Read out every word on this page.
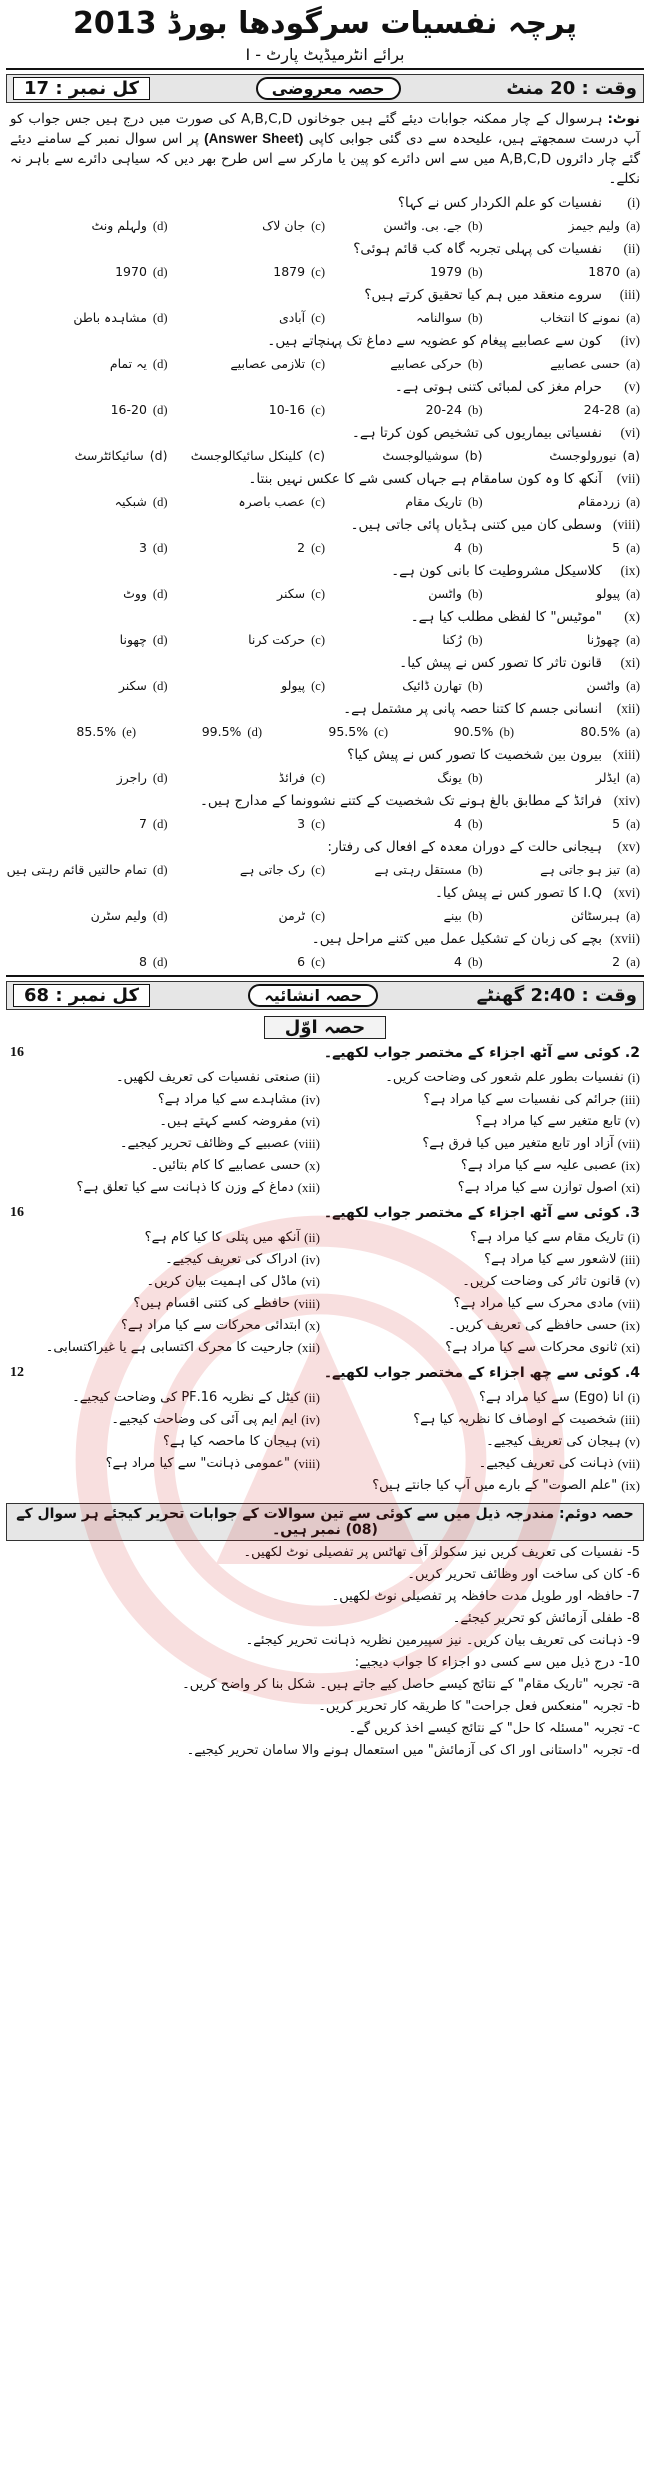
پرچہ نفسیات سرگودھا بورڈ 2013
برائے انٹرمیڈیٹ پارٹ - I
وقت : 20 منٹ
حصہ معروضی
کل نمبر : 17
نوٹ: ہرسوال کے چار ممکنہ جوابات دیئے گئے ہیں جوخانوں A,B,C,D کی صورت میں درج ہیں جس جواب کو آپ درست سمجھتے ہیں، علیحدہ سے دی گئی جوابی کاپی (Answer Sheet) پر اس سوال نمبر کے سامنے دیئے گئے چار دائروں A,B,C,D میں سے اس دائرے کو پین یا مارکر سے اس طرح بھر دیں کہ سیاہی دائرے سے باہر نہ نکلے۔
(i)نفسیات کو علم الکردار کس نے کہا؟
(a)
ولیم جیمز
(b)
جے. بی. واٹسن
(c)
جان لاک
(d)
ولہلم ونٹ
(ii)نفسیات کی پہلی تجربہ گاہ کب قائم ہوئی؟
(a)
1870
(b)
1979
(c)
1879
(d)
1970
(iii)سروے منعقد میں ہم کیا تحقیق کرتے ہیں؟
(a)
نمونے کا انتخاب
(b)
سوالنامہ
(c)
آبادی
(d)
مشاہدہ باطن
(iv)کون سے عصابیے پیغام کو عضویہ سے دماغ تک پہنچاتے ہیں۔
(a)
حسی عصابیے
(b)
حرکی عصابیے
(c)
تلازمی عصابیے
(d)
یہ تمام
(v)حرام مغز کی لمبائی کتنی ہوتی ہے۔
(a)
24-28
(b)
20-24
(c)
10-16
(d)
16-20
(vi)نفسیاتی بیماریوں کی تشخیص کون کرتا ہے۔
(a)
نیورولوجسٹ
(b)
سوشیالوجسٹ
(c)
کلینکل سائیکالوجسٹ
(d)
سائیکائٹرسٹ
(vii)آنکھ کا وہ کون سامقام ہے جہاں کسی شے کا عکس نہیں بنتا۔
(a)
زردمقام
(b)
تاریک مقام
(c)
عصب باصرہ
(d)
شبکیہ
(viii)وسطی کان میں کتنی ہڈیاں پائی جاتی ہیں۔
(a)
5
(b)
4
(c)
2
(d)
3
(ix)کلاسیکل مشروطیت کا بانی کون ہے۔
(a)
پیولو
(b)
واٹسن
(c)
سکنر
(d)
ووٹ
(x)"موٹیس" کا لفظی مطلب کیا ہے۔
(a)
چھوڑنا
(b)
رُکنا
(c)
حرکت کرنا
(d)
چھونا
(xi)قانون تاثر کا تصور کس نے پیش کیا۔
(a)
واٹسن
(b)
تھارن ڈائیک
(c)
پیولو
(d)
سکنر
(xii)انسانی جسم کا کتنا حصہ پانی پر مشتمل ہے۔
(a)
80.5%
(b)
90.5%
(c)
95.5%
(d)
99.5%
(e)
85.5%
(xiii)بیرون بین شخصیت کا تصور کس نے پیش کیا؟
(a)
ایڈلر
(b)
یونگ
(c)
فرائڈ
(d)
راجرز
(xiv)فرائڈ کے مطابق بالغ ہونے تک شخصیت کے کتنے نشوونما کے مدارج ہیں۔
(a)
5
(b)
4
(c)
3
(d)
7
(xv)ہیجانی حالت کے دوران معدہ کے افعال کی رفتار:
(a)
تیز ہو جاتی ہے
(b)
مستقل رہتی ہے
(c)
رک جاتی ہے
(d)
تمام حالتیں قائم رہتی ہیں
(xvi)I.Q کا تصور کس نے پیش کیا۔
(a)
ہبرسٹائن
(b)
بینے
(c)
ٹرمن
(d)
ولیم سٹرن
(xvii)بچے کی زبان کے تشکیل عمل میں کتنے مراحل ہیں۔
(a)
2
(b)
4
(c)
6
(d)
8
وقت : 2:40 گھنٹے
حصہ انشائیہ
کل نمبر : 68
حصہ اوّل
2. کوئی سے آٹھ اجزاء کے مختصر جواب لکھیے۔
16
(i)
نفسیات بطور علم شعور کی وضاحت کریں۔
(ii)
صنعتی نفسیات کی تعریف لکھیں۔
(iii)
جرائم کی نفسیات سے کیا مراد ہے؟
(iv)
مشاہدے سے کیا مراد ہے؟
(v)
تابع متغیر سے کیا مراد ہے؟
(vi)
مفروضہ کسے کہتے ہیں۔
(vii)
آزاد اور تابع متغیر میں کیا فرق ہے؟
(viii)
عصبیے کے وظائف تحریر کیجیے۔
(ix)
عصبی علیہ سے کیا مراد ہے؟
(x)
حسی عصابیے کا کام بتائیں۔
(xi)
اصول توازن سے کیا مراد ہے؟
(xii)
دماغ کے وزن کا ذہانت سے کیا تعلق ہے؟
3. کوئی سے آٹھ اجزاء کے مختصر جواب لکھیے۔
16
(i)
تاریک مقام سے کیا مراد ہے؟
(ii)
آنکھ میں پتلی کا کیا کام ہے؟
(iii)
لاشعور سے کیا مراد ہے؟
(iv)
ادراک کی تعریف کیجیے۔
(v)
قانون تاثر کی وضاحت کریں۔
(vi)
ماڈل کی اہمیت بیان کریں۔
(vii)
مادی محرک سے کیا مراد ہے؟
(viii)
حافظے کی کتنی اقسام ہیں؟
(ix)
حسی حافظے کی تعریف کریں۔
(x)
ابتدائی محرکات سے کیا مراد ہے؟
(xi)
ثانوی محرکات سے کیا مراد ہے؟
(xii)
جارحیت کا محرک اکتسابی ہے یا غیراکتسابی۔
4. کوئی سے چھ اجزاء کے مختصر جواب لکھیے۔
12
(i)
انا (Ego) سے کیا مراد ہے؟
(ii)
کیٹل کے نظریہ 16.PF کی وضاحت کیجیے۔
(iii)
شخصیت کے اوصاف کا نظریہ کیا ہے؟
(iv)
ایم ایم پی آئی کی وضاحت کیجیے۔
(v)
ہیجان کی تعریف کیجیے۔
(vi)
ہیجان کا ماحصہ کیا ہے؟
(vii)
ذہانت کی تعریف کیجیے۔
(viii)
"عمومی ذہانت" سے کیا مراد ہے؟
(ix)
"علم الصوت" کے بارے میں آپ کیا جانتے ہیں؟
حصہ دوئم: مندرجہ ذیل میں سے کوئی سے تین سوالات کے جوابات تحریر کیجئے ہر سوال کے (08) نمبر ہیں۔
5- نفسیات کی تعریف کریں نیز سکولز آف تھاٹس پر تفصیلی نوٹ لکھیں۔
6- کان کی ساخت اور وظائف تحریر کریں۔
7- حافظہ اور طویل مدت حافظہ پر تفصیلی نوٹ لکھیں۔
8- طفلی آزمائش کو تحریر کیجئے۔
9- ذہانت کی تعریف بیان کریں۔ نیز سپیرمین نظریہ ذہانت تحریر کیجئے۔
10- درج ذیل میں سے کسی دو اجزاء کا جواب دیجیے:
a- تجربہ "تاریک مقام" کے نتائج کیسے حاصل کیے جاتے ہیں۔ شکل بنا کر واضح کریں۔
b- تجربہ "منعکس فعل جراحت" کا طریقہ کار تحریر کریں۔
c- تجربہ "مسئلہ کا حل" کے نتائج کیسے اخذ کریں گے۔
d- تجربہ "داستانی اور اک کی آزمائش" میں استعمال ہونے والا سامان تحریر کیجیے۔
